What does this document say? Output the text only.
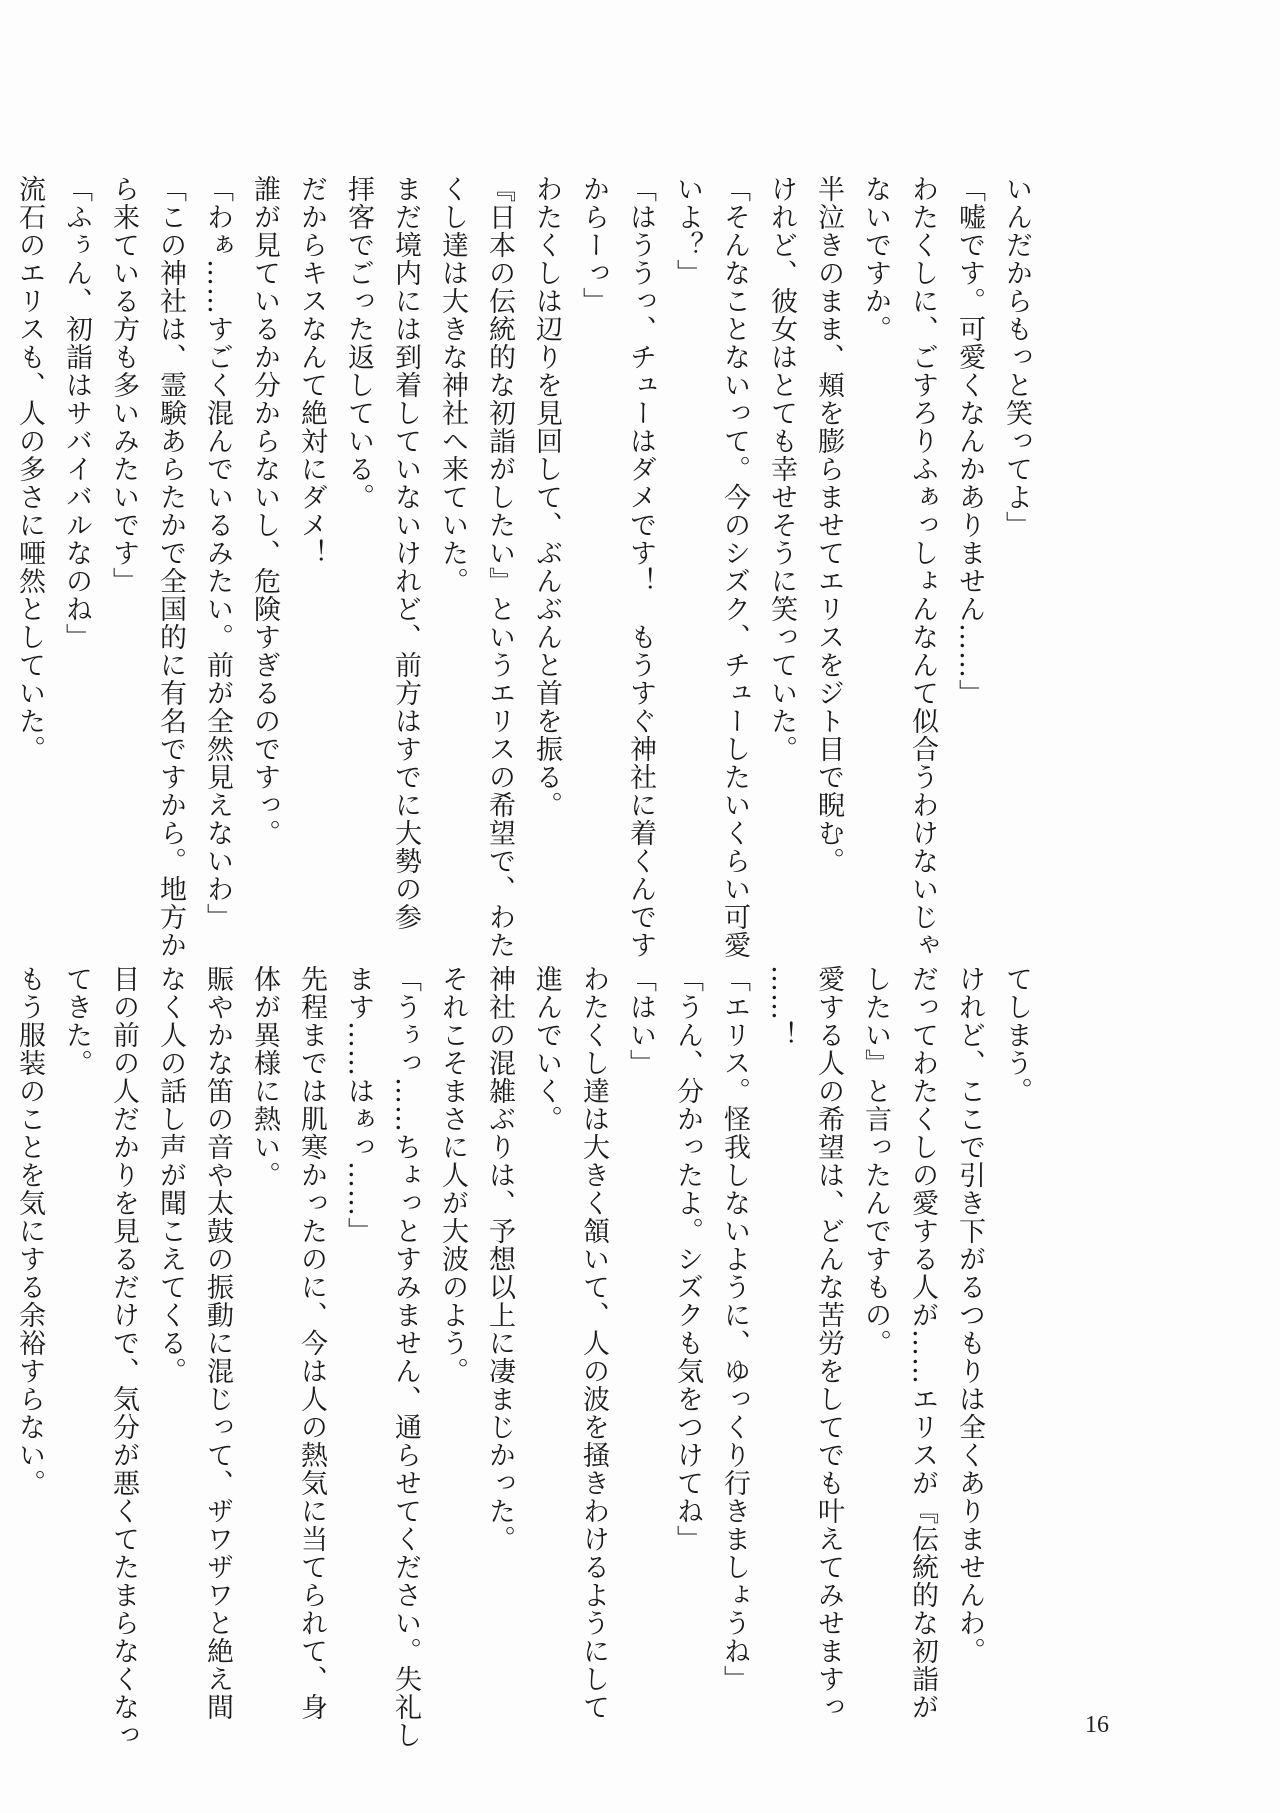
いんだからもっと笑ってよ」
「嘘です。可愛くなんかありません……」
わたくしに、ごすろりふぁっしょんなんて似合うわけないじゃ
ないですか。
半泣きのまま、頬を膨らませてエリスをジト目で睨む。
けれど、彼女はとても幸せそうに笑っていた。
「そんなことないって。今のシズク、チューしたいくらい可愛
いよ？」
「はううっ、チューはダメです！　もうすぐ神社に着くんです
からーっ」
わたくしは辺りを見回して、ぶんぶんと首を振る。
『日本の伝統的な初詣がしたい』というエリスの希望で、わた
くし達は大きな神社へ来ていた。
まだ境内には到着していないけれど、前方はすでに大勢の参
拝客でごった返している。
だからキスなんて絶対にダメ！
誰が見ているか分からないし、危険すぎるのですっ。
「わぁ……すごく混んでいるみたい。前が全然見えないわ」
「この神社は、霊験あらたかで全国的に有名ですから。地方か
ら来ている方も多いみたいです」
「ふぅん、初詣はサバイバルなのね」
流石のエリスも、人の多さに唖然としていた。
てしまう。
けれど、ここで引き下がるつもりは全くありませんわ。
だってわたくしの愛する人が……エリスが『伝統的な初詣が
したい』と言ったんですもの。
愛する人の希望は、どんな苦労をしてでも叶えてみせますっ
……！
「エリス。怪我しないように、ゆっくり行きましょうね」
「うん、分かったよ。シズクも気をつけてね」
「はい」
わたくし達は大きく頷いて、人の波を掻きわけるようにして
進んでいく。
神社の混雑ぶりは、予想以上に凄まじかった。
それこそまさに人が大波のよう。
「うぅっ……ちょっとすみません、通らせてください。失礼し
ます……はぁっ……」
先程までは肌寒かったのに、今は人の熱気に当てられて、身
体が異様に熱い。
賑やかな笛の音や太鼓の振動に混じって、ザワザワと絶え間
なく人の話し声が聞こえてくる。
目の前の人だかりを見るだけで、気分が悪くてたまらなくなっ
てきた。
もう服装のことを気にする余裕すらない。
16
